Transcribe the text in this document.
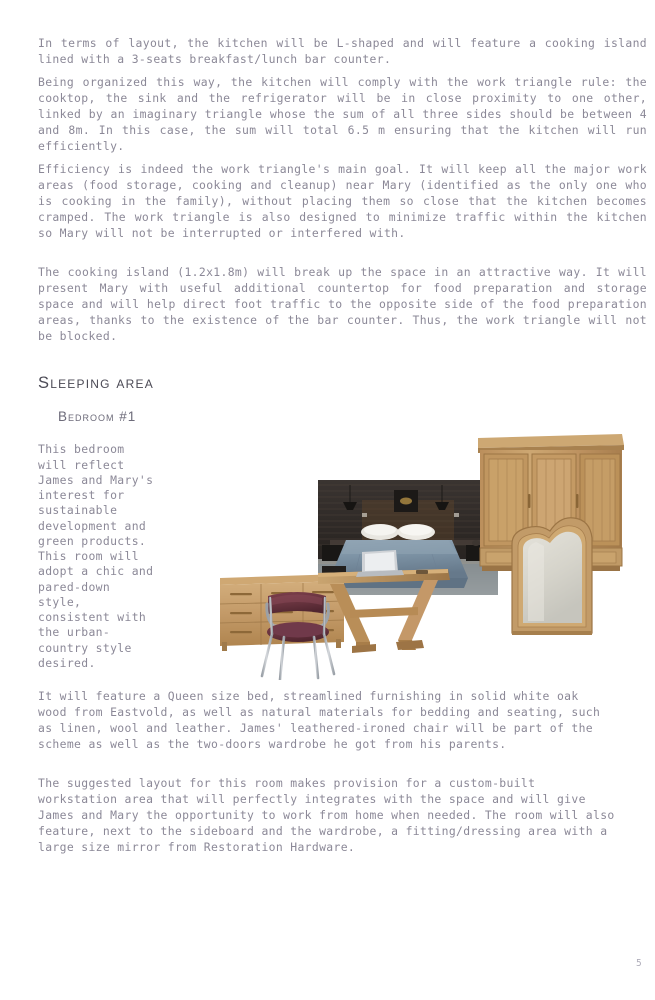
In terms of layout, the kitchen will be L-shaped and will feature a cooking island lined with a 3-seats breakfast/lunch bar counter.

Being organized this way, the kitchen will comply with the work triangle rule: the cooktop, the sink and the refrigerator will be in close proximity to one other, linked by an imaginary triangle whose the sum of all three sides should be between 4 and 8m. In this case, the sum will total 6.5 m ensuring that the kitchen will run efficiently.

Efficiency is indeed the work triangle's main goal. It will keep all the major work areas (food storage, cooking and cleanup) near Mary (identified as the only one who is cooking in the family), without placing them so close that the kitchen becomes cramped. The work triangle is also designed to minimize traffic within the kitchen so Mary will not be interrupted or interfered with.

The cooking island (1.2x1.8m) will break up the space in an attractive way. It will present Mary with useful additional countertop for food preparation and storage space and will help direct foot traffic to the opposite side of the food preparation areas, thanks to the existence of the bar counter. Thus, the work triangle will not be blocked.

Sleeping area
Bedroom #1

This bedroom will reflect James and Mary's interest for sustainable development and green products. This room will adopt a chic and pared-down style, consistent with the urban-country style desired.

It will feature a Queen size bed, streamlined furnishing in solid white oak wood from Eastvold, as well as natural materials for bedding and seating, such as linen, wool and leather. James' leathered-ironed chair will be part of the scheme as well as the two-doors wardrobe he got from his parents.

The suggested layout for this room makes provision for a custom-built workstation area that will perfectly integrates with the space and will give James and Mary the opportunity to work from home when needed. The room will also feature, next to the sideboard and the wardrobe, a fitting/dressing area with a large size mirror from Restoration Hardware.

5
